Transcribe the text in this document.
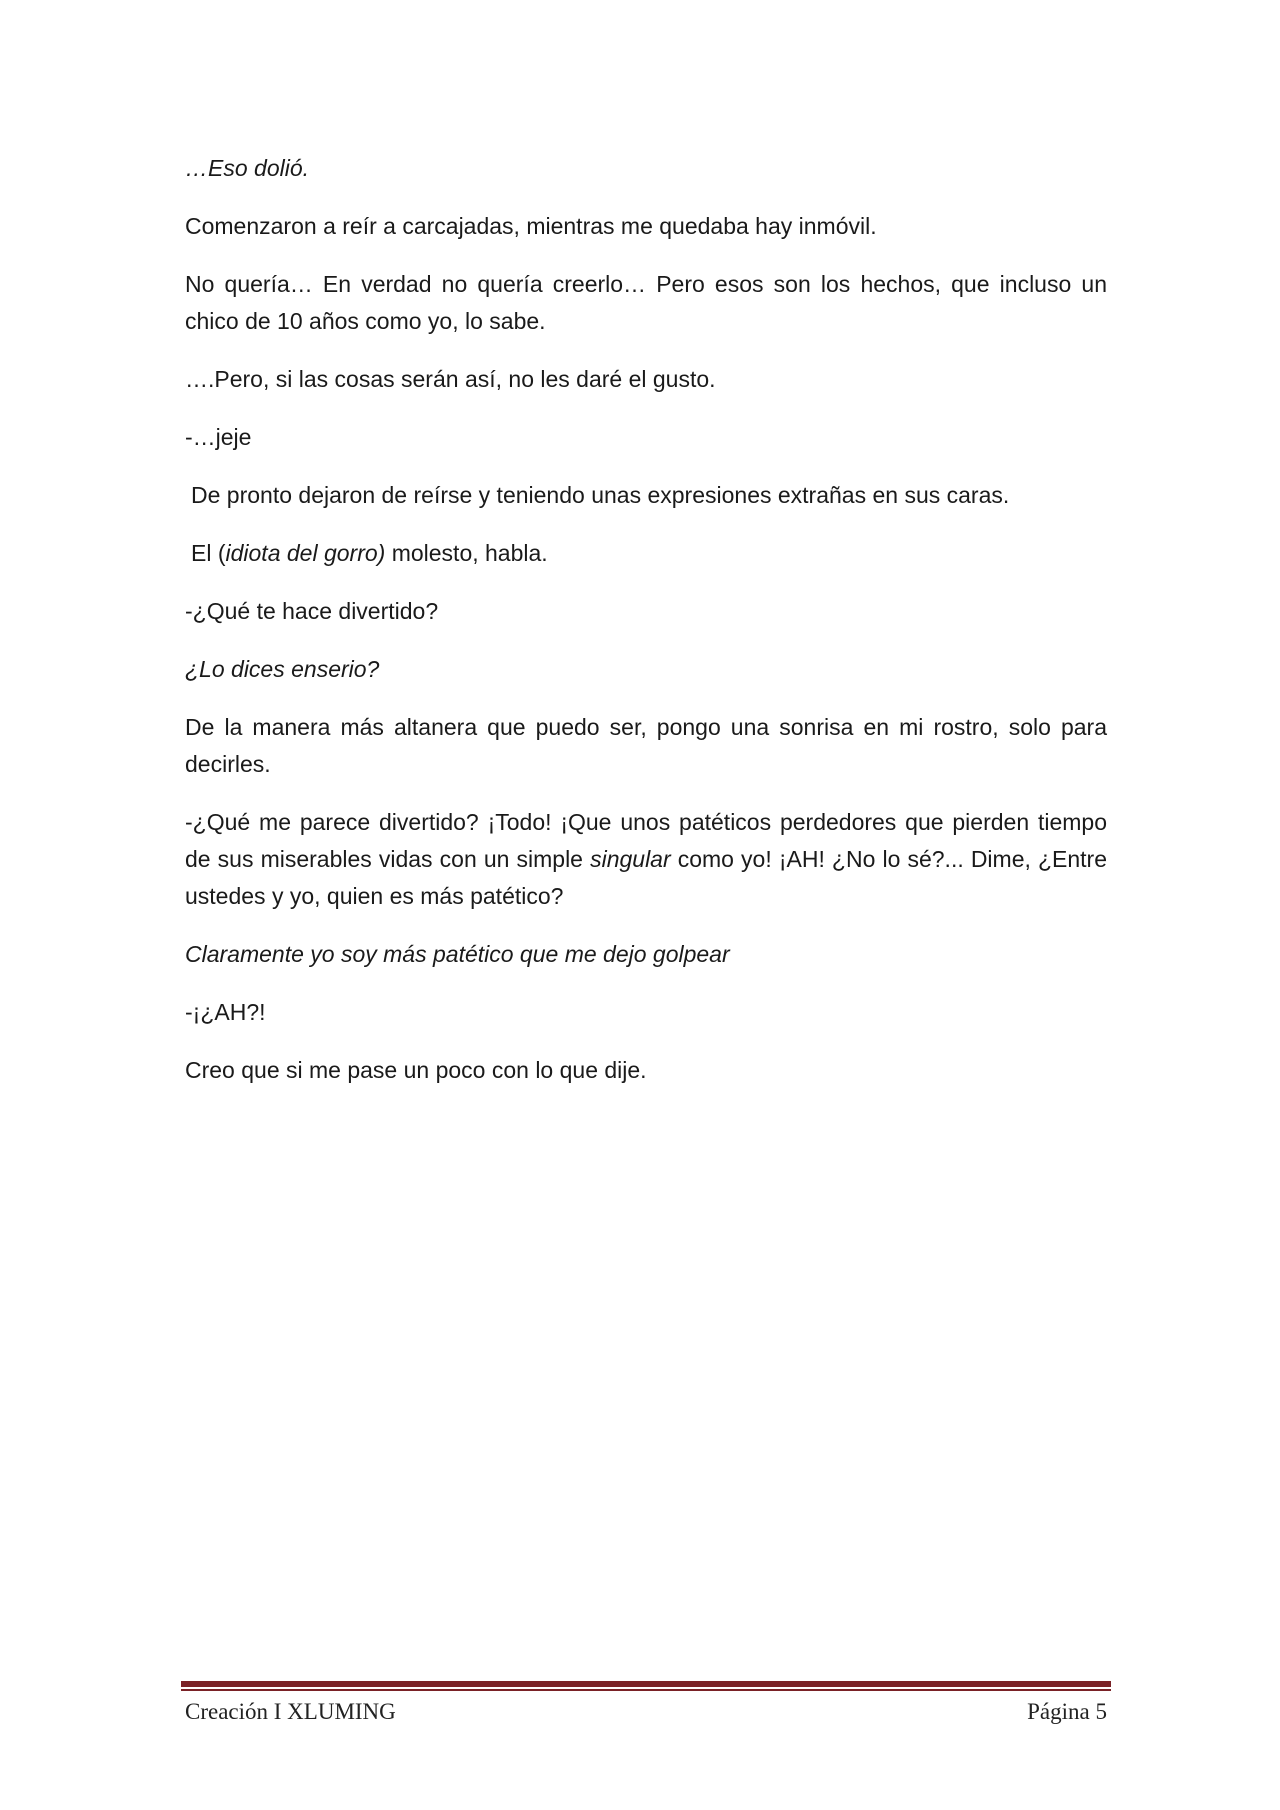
…Eso dolió.

Comenzaron a reír a carcajadas, mientras me quedaba hay inmóvil.

No quería… En verdad no quería creerlo… Pero esos son los hechos, que incluso un chico de 10 años como yo, lo sabe.

….Pero, si las cosas serán así, no les daré el gusto.

-…jeje

De pronto dejaron de reírse y teniendo unas expresiones extrañas en sus caras.

El (idiota del gorro) molesto, habla.

-¿Qué te hace divertido?

¿Lo dices enserio?

De la manera más altanera que puedo ser, pongo una sonrisa en mi rostro, solo para decirles.

-¿Qué me parece divertido? ¡Todo! ¡Que unos patéticos perdedores que pierden tiempo de sus miserables vidas con un simple singular como yo! ¡AH! ¿No lo sé?... Dime, ¿Entre ustedes y yo, quien es más patético?

Claramente yo soy más patético que me dejo golpear

-¡¿AH?!

Creo que si me pase un poco con lo que dije.

Creación I XLUMING	Página 5
